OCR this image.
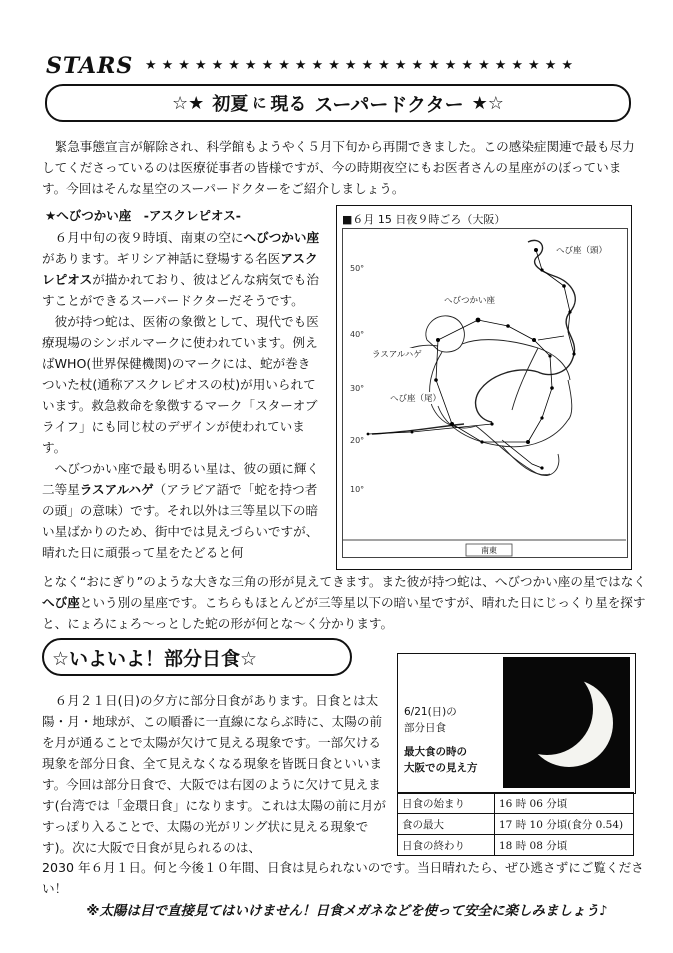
STARS ★★★★★★★★★★★★★★★★★★★★★★★★★★
☆★ 初夏 に 現る スーパードクター ★☆
緊急事態宣言が解除され、科学館もようやく５月下旬から再開できました。この感染症関連で最も尽力してくださっているのは医療従事者の皆様ですが、今の時期夜空にもお医者さんの星座がのぼっています。今回はそんな星空のスーパードクターをご紹介しましょう。
★へびつかい座　-アスクレピオス-

６月中旬の夜９時頃、南東の空にへびつかい座があります。ギリシア神話に登場する名医アスクレピオスが描かれており、彼はどんな病気でも治すことができるスーパードクターだそうです。

彼が持つ蛇は、医術の象徴として、現代でも医療現場のシンボルマークに使われています。例えばWHO(世界保健機関)のマークには、蛇が巻きついた杖(通称アスクレピオスの杖)が用いられています。救急救命を象徴するマーク「スターオブライフ」にも同じ杖のデザインが使われています。

へびつかい座で最も明るい星は、彼の頭に輝く二等星ラスアルハゲ（アラビア語で「蛇を持つ者の頭」の意味）です。それ以外は三等星以下の暗い星ばかりのため、街中では見えづらいですが、晴れた日に頑張って星をたどると何

■６月 15 日夜９時ごろ（大阪）
50°
40°
30°
20°
10°
南東
へび座（頭）
へびつかい座
ラスアルハゲ
へび座（尾）
となく“おにぎり”のような大きな三角の形が見えてきます。また彼が持つ蛇は、へびつかい座の星ではなくへび座という別の星座です。こちらもほとんどが三等星以下の暗い星ですが、晴れた日にじっくり星を探すと、にょろにょろ～っとした蛇の形が何とな～く分かります。
☆いよいよ！部分日食☆
６月２１日(日)の夕方に部分日食があります。日食とは太陽・月・地球が、この順番に一直線にならぶ時に、太陽の前を月が通ることで太陽が欠けて見える現象です。一部欠ける現象を部分日食、全て見えなくなる現象を皆既日食といいます。今回は部分日食で、大阪では右図のように欠けて見えます(台湾では「金環日食」になります。これは太陽の前に月がすっぽり入ることで、太陽の光がリング状に見える現象です)。次に大阪で日食が見られるのは、
6/21(日)の
部分日食
最大食の時の
大阪での見え方
日食の始まり	16 時 06 分頃
食の最大	17 時 10 分頃(食分 0.54)
日食の終わり	18 時 08 分頃
2030 年６月１日。何と今後１０年間、日食は見られないのです。当日晴れたら、ぜひ逃さずにご覧ください！
※太陽は目で直接見てはいけません！日食メガネなどを使って安全に楽しみましょう♪
